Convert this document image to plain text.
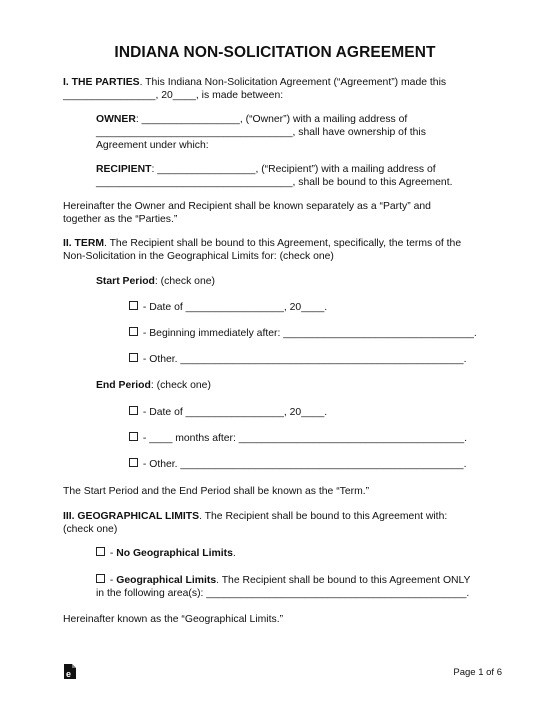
INDIANA NON-SOLICITATION AGREEMENT
I. THE PARTIES. This Indiana Non-Solicitation Agreement (“Agreement”) made this
________________, 20____, is made between:
OWNER: _________________, (“Owner”) with a mailing address of
__________________________________, shall have ownership of this
Agreement under which:
RECIPIENT: _________________, (“Recipient”) with a mailing address of
__________________________________, shall be bound to this Agreement.
Hereinafter the Owner and Recipient shall be known separately as a “Party” and
together as the “Parties.”
II. TERM. The Recipient shall be bound to this Agreement, specifically, the terms of the
Non-Solicitation in the Geographical Limits for: (check one)
Start Period: (check one)
- Date of _________________, 20____.
- Beginning immediately after: _________________________________.
- Other. _________________________________________________.
End Period: (check one)
- Date of _________________, 20____.
- ____ months after: _______________________________________.
- Other. _________________________________________________.
The Start Period and the End Period shall be known as the “Term.”
III. GEOGRAPHICAL LIMITS. The Recipient shall be bound to this Agreement with:
(check one)
- No Geographical Limits.
- Geographical Limits. The Recipient shall be bound to this Agreement ONLY
in the following area(s): _____________________________________________.
Hereinafter known as the “Geographical Limits.”
e	Page 1 of 6
